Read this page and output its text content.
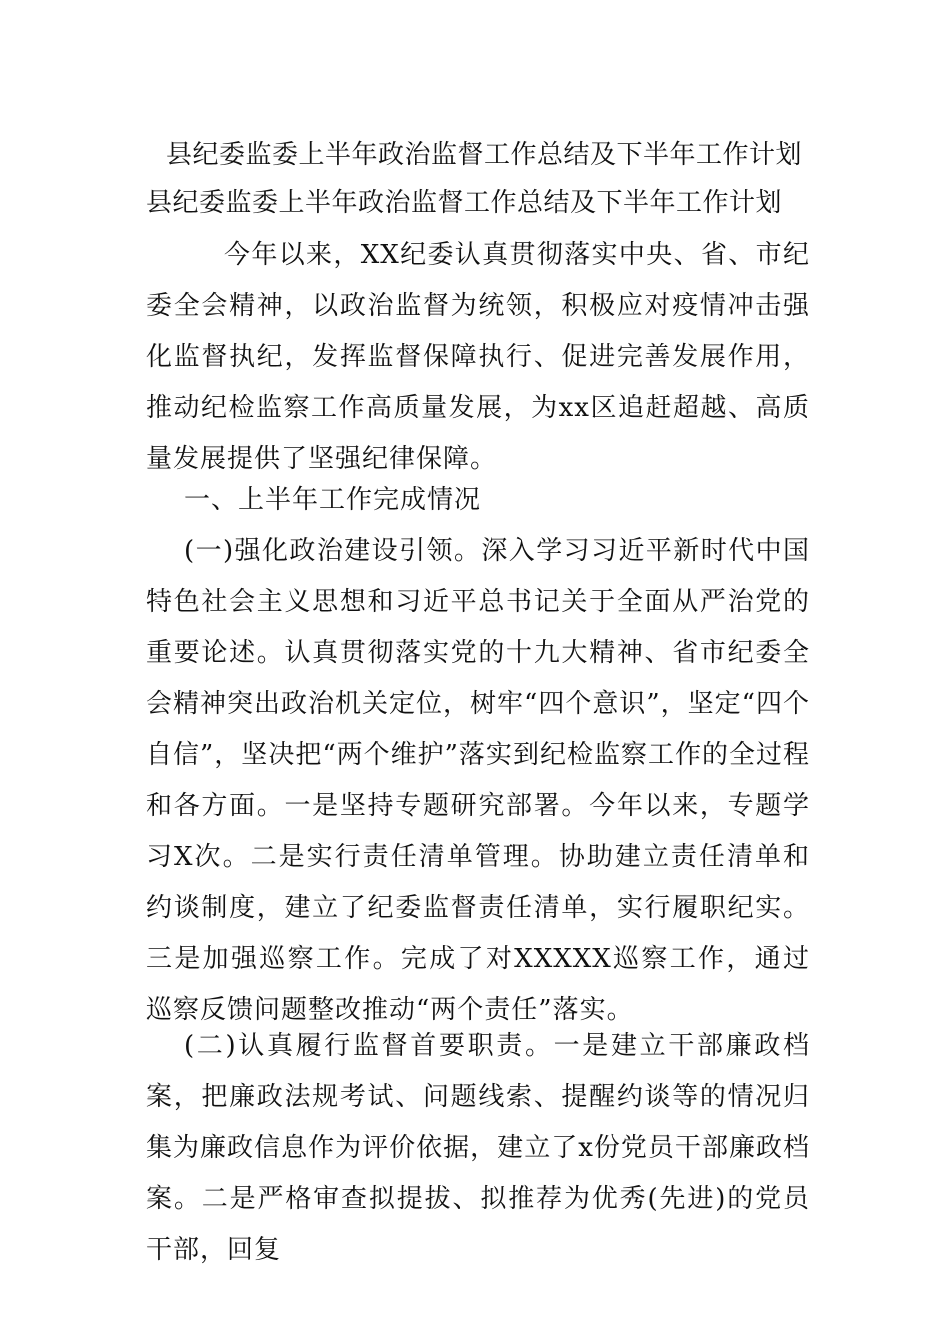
县纪委监委上半年政治监督工作总结及下半年工作计划
县纪委监委上半年政治监督工作总结及下半年工作计划

今年以来，XX纪委认真贯彻落实中央、省、市纪委全会精神，以政治监督为统领，积极应对疫情冲击强化监督执纪，发挥监督保障执行、促进完善发展作用，推动纪检监察工作高质量发展，为xx区追赶超越、高质量发展提供了坚强纪律保障。

一、上半年工作完成情况

(一)强化政治建设引领。深入学习习近平新时代中国特色社会主义思想和习近平总书记关于全面从严治党的重要论述。认真贯彻落实党的十九大精神、省市纪委全会精神突出政治机关定位，树牢“四个意识”，坚定“四个自信”，坚决把“两个维护”落实到纪检监察工作的全过程和各方面。一是坚持专题研究部署。今年以来，专题学习X次。二是实行责任清单管理。协助建立责任清单和约谈制度，建立了纪委监督责任清单，实行履职纪实。三是加强巡察工作。完成了对XXXXX巡察工作，通过巡察反馈问题整改推动“两个责任”落实。

(二)认真履行监督首要职责。一是建立干部廉政档案，把廉政法规考试、问题线索、提醒约谈等的情况归集为廉政信息作为评价依据，建立了x份党员干部廉政档案。二是严格审查拟提拔、拟推荐为优秀(先进)的党员干部，回复
